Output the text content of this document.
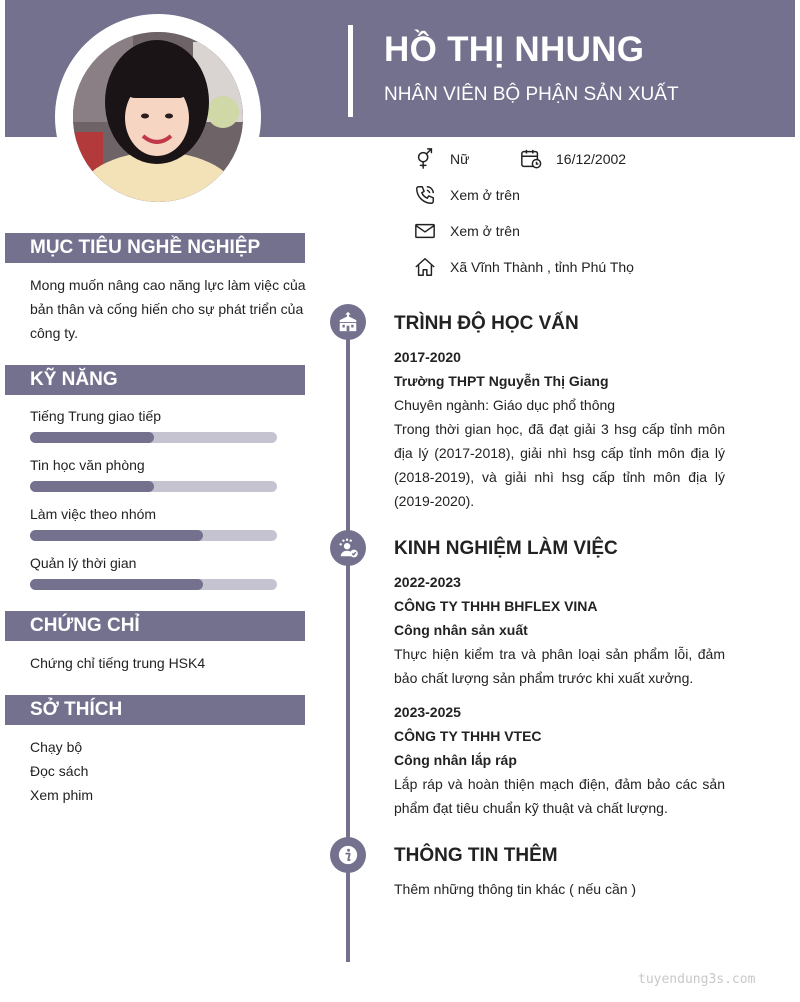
HỒ THỊ NHUNG
NHÂN VIÊN BỘ PHẬN SẢN XUẤT
Nữ	16/12/2002
Xem ở trên
Xem ở trên
Xã Vĩnh Thành , tỉnh Phú Thọ
MỤC TIÊU NGHỀ NGHIỆP
Mong muốn nâng cao năng lực làm việc của bản thân và cống hiến cho sự phát triển của công ty.
KỸ NĂNG
Tiếng Trung giao tiếp
Tin học văn phòng
Làm việc theo nhóm
Quản lý thời gian
CHỨNG CHỈ
Chứng chỉ tiếng trung HSK4
SỞ THÍCH
Chạy bộ
Đọc sách
Xem phim
TRÌNH ĐỘ HỌC VẤN
2017-2020
Trường THPT Nguyễn Thị Giang
Chuyên ngành: Giáo dục phổ thông
Trong thời gian học, đã đạt giải 3 hsg cấp tỉnh môn địa lý (2017-2018), giải nhì hsg cấp tỉnh môn địa lý (2018-2019), và giải nhì hsg cấp tỉnh môn địa lý (2019-2020).
KINH NGHIỆM LÀM VIỆC
2022-2023
CÔNG TY THHH BHFLEX VINA
Công nhân sản xuất
Thực hiện kiểm tra và phân loại sản phẩm lỗi, đảm bảo chất lượng sản phẩm trước khi xuất xưởng.
2023-2025
CÔNG TY THHH VTEC
Công nhân lắp ráp
Lắp ráp và hoàn thiện mạch điện, đảm bảo các sản phẩm đạt tiêu chuẩn kỹ thuật và chất lượng.
THÔNG TIN THÊM
Thêm những thông tin khác ( nếu cần )
tuyendung3s.com
